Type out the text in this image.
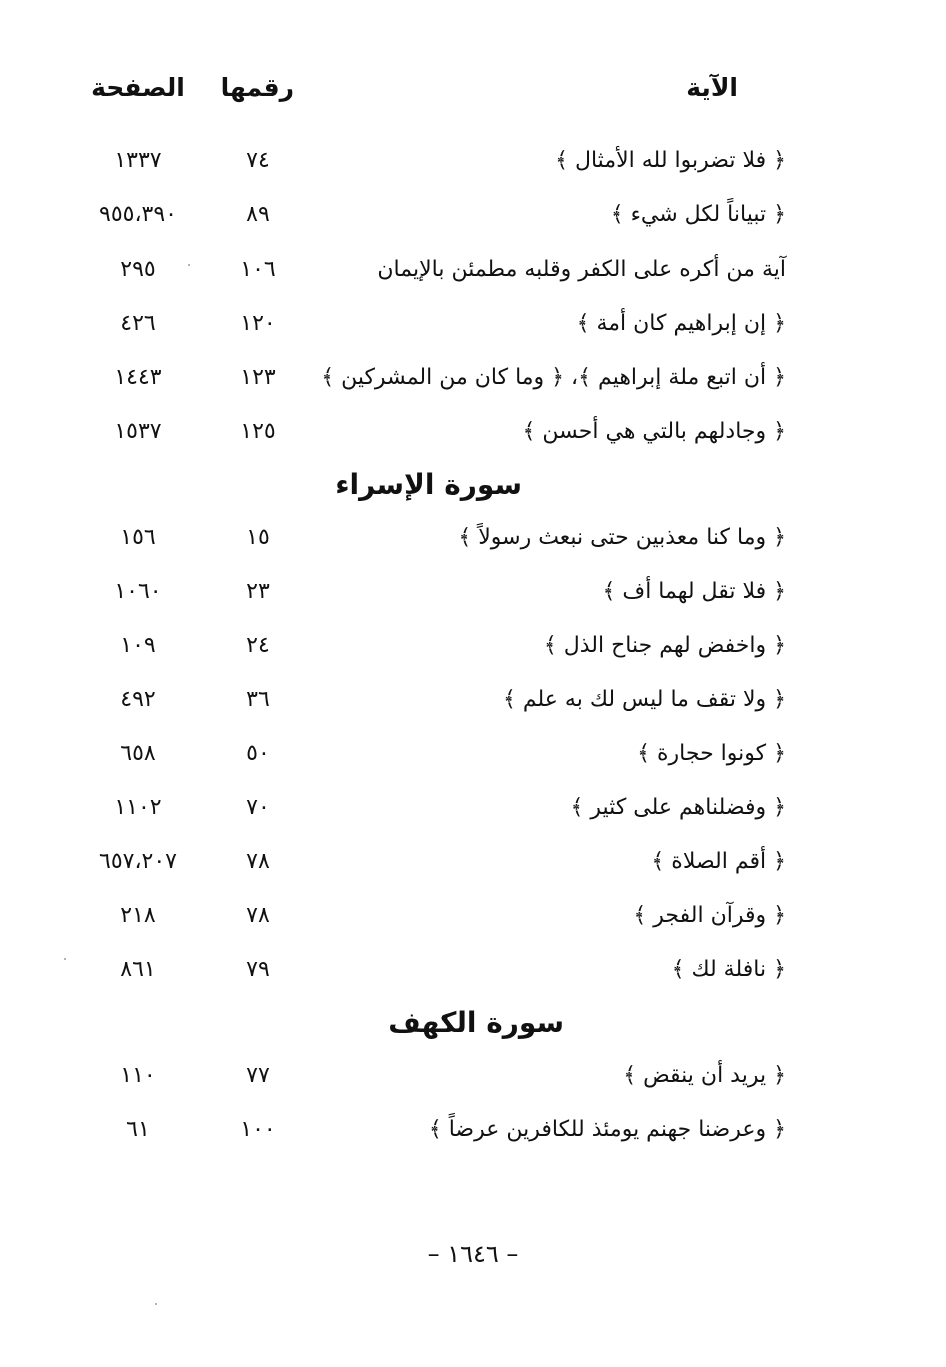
الآية
رقمها
الصفحة
﴿ فلا تضربوا لله الأمثال ﴾
٧٤
١٣٣٧
﴿ تبياناً لكل شيء ﴾
٨٩
٩٥٥،٣٩٠
آية من أكره على الكفر وقلبه مطمئن بالإيمان
١٠٦
٢٩٥
﴿ إن إبراهيم كان أمة ﴾
١٢٠
٤٢٦
﴿ أن اتبع ملة إبراهيم ﴾، ﴿ وما كان من المشركين ﴾
١٢٣
١٤٤٣
﴿ وجادلهم بالتي هي أحسن ﴾
١٢٥
١٥٣٧
سورة الإسراء
﴿ وما كنا معذبين حتى نبعث رسولاً ﴾
١٥
١٥٦
﴿ فلا تقل لهما أف ﴾
٢٣
١٠٦٠
﴿ واخفض لهم جناح الذل ﴾
٢٤
١٠٩
﴿ ولا تقف ما ليس لك به علم ﴾
٣٦
٤٩٢
﴿ كونوا حجارة ﴾
٥٠
٦٥٨
﴿ وفضلناهم على كثير ﴾
٧٠
١١٠٢
﴿ أقم الصلاة ﴾
٧٨
٦٥٧،٢٠٧
﴿ وقرآن الفجر ﴾
٧٨
٢١٨
﴿ نافلة لك ﴾
٧٩
٨٦١
سورة الكهف
﴿ يريد أن ينقض ﴾
٧٧
١١٠
﴿ وعرضنا جهنم يومئذ للكافرين عرضاً ﴾
١٠٠
٦١
– ١٦٤٦ –
